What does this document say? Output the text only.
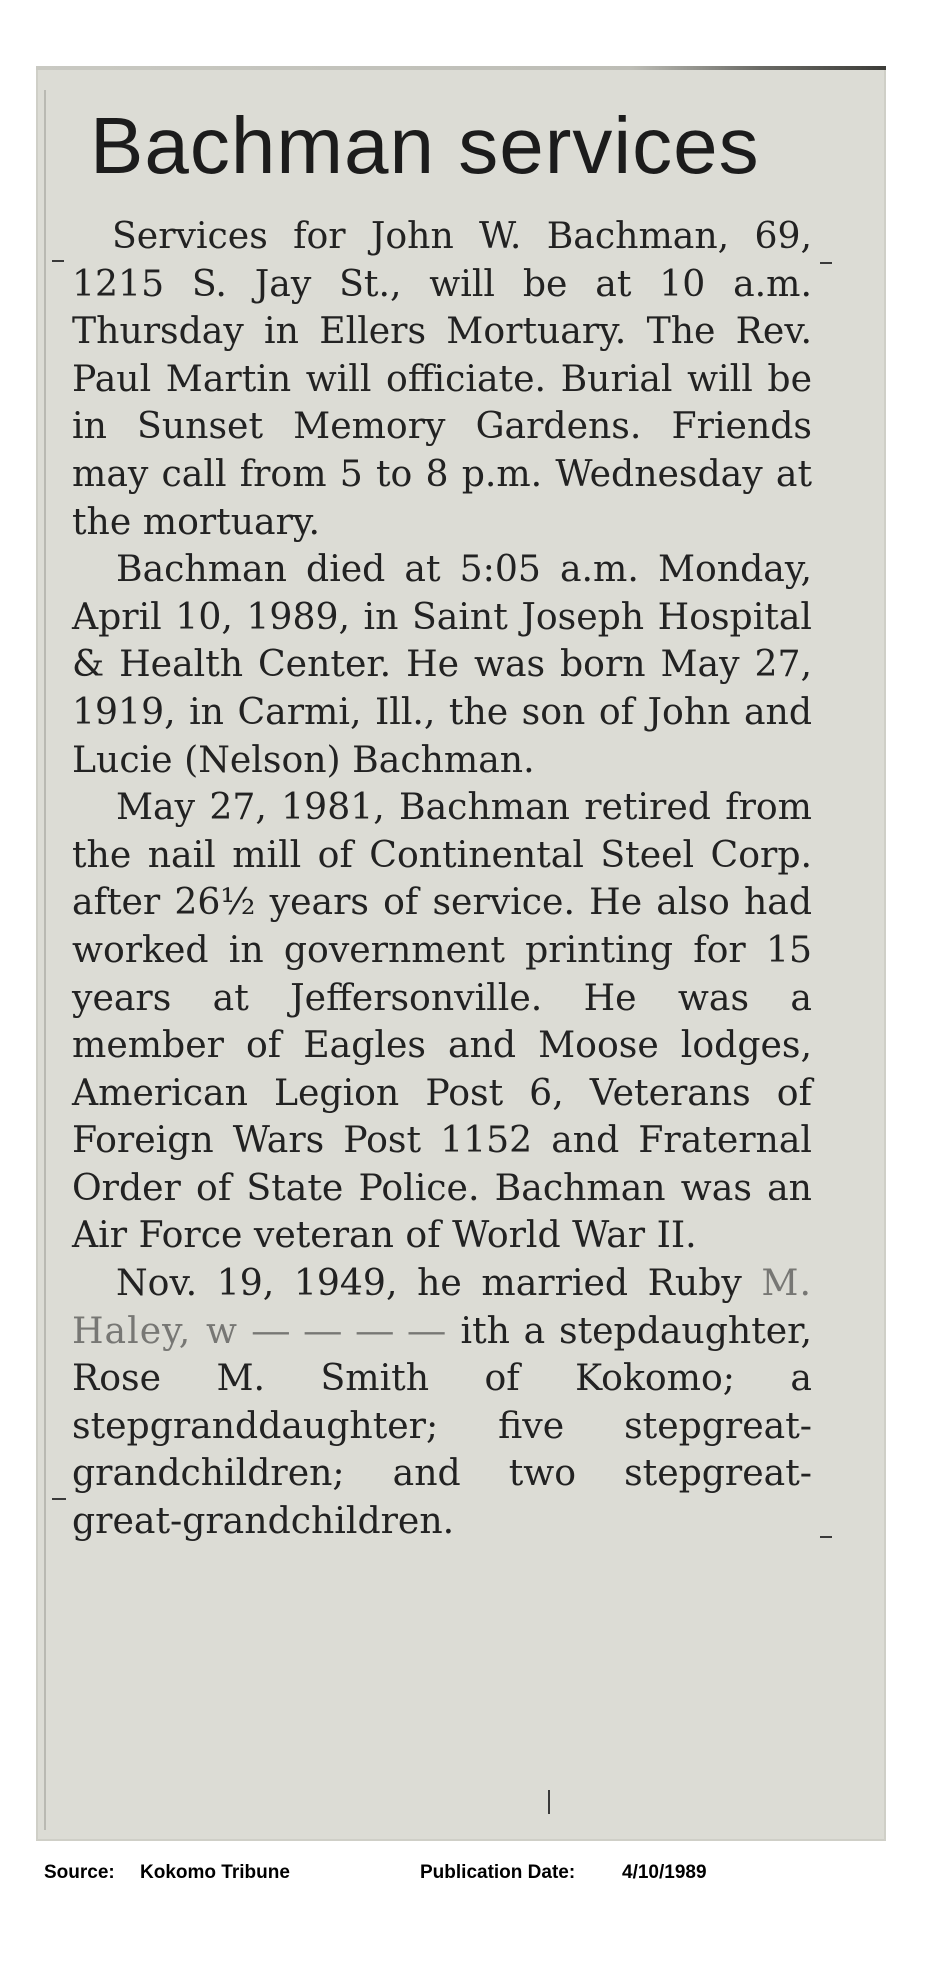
Bachman services

Services for John W. Bachman, 69, 1215 S. Jay St., will be at 10 a.m. Thursday in Ellers Mortuary. The Rev. Paul Martin will officiate. Burial will be in Sunset Memory Gardens. Friends may call from 5 to 8 p.m. Wednesday at the mortuary.

Bachman died at 5:05 a.m. Monday, April 10, 1989, in Saint Joseph Hospital & Health Center. He was born May 27, 1919, in Carmi, Ill., the son of John and Lucie (Nelson) Bachman.

May 27, 1981, Bachman retired from the nail mill of Continental Steel Corp. after 26½ years of service. He also had worked in government printing for 15 years at Jeffersonville. He was a member of Eagles and Moose lodges, American Legion Post 6, Veterans of Foreign Wars Post 1152 and Fraternal Order of State Police. Bachman was an Air Force veteran of World War II.

Nov. 19, 1949, he married Ruby M. Haley, w ― ― ― ― ith a stepdaughter, Rose M. Smith of Kokomo; a stepgranddaughter; five stepgreat-grandchildren; and two stepgreat-great-grandchildren.

Source: Kokomo Tribune	Publication Date: 4/10/1989
